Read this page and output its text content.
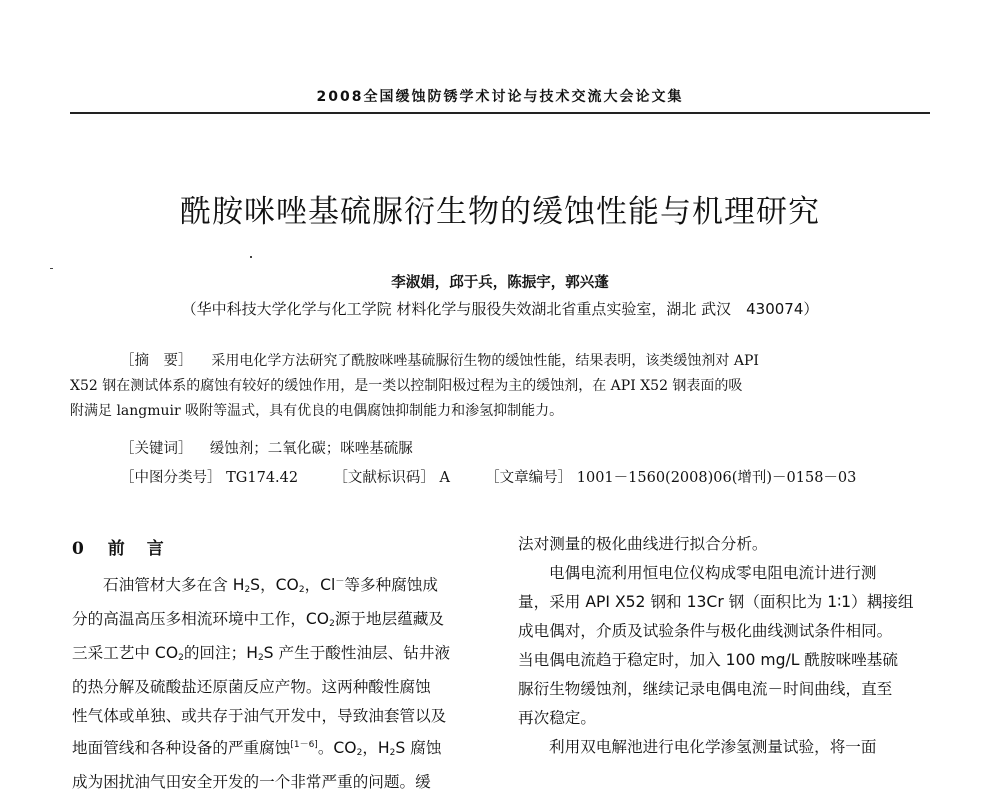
2008全国缓蚀防锈学术讨论与技术交流大会论文集
酰胺咪唑基硫脲衍生物的缓蚀性能与机理研究
李淑娟，邱于兵，陈振宇，郭兴蓬
（华中科技大学化学与化工学院 材料化学与服役失效湖北省重点实验室，湖北 武汉　430074）
［摘　要］ 采用电化学方法研究了酰胺咪唑基硫脲衍生物的缓蚀性能，结果表明，该类缓蚀剂对 API
X52 钢在测试体系的腐蚀有较好的缓蚀作用，是一类以控制阳极过程为主的缓蚀剂，在 API X52 钢表面的吸
附满足 langmuir 吸附等温式，具有优良的电偶腐蚀抑制能力和渗氢抑制能力。
［关键词］ 缓蚀剂；二氧化碳；咪唑基硫脲
［中图分类号］ TG174.42 ［文献标识码］ A ［文章编号］ 1001－1560(2008)06(增刊)－0158－03
0 前 言
石油管材大多在含 $H_2S$，$CO_2$，Cl－等多种腐蚀成
分的高温高压多相流环境中工作，$CO_2$源于地层蕴藏及
三采工艺中 $CO_2$的回注；$H_2S$ 产生于酸性油层、钻井液
的热分解及硫酸盐还原菌反应产物。这两种酸性腐蚀
性气体或单独、或共存于油气开发中，导致油套管以及
地面管线和各种设备的严重腐蚀[1－6]。$CO_2$，$H_2S$ 腐蚀
成为困扰油气田安全开发的一个非常严重的问题。缓
法对测量的极化曲线进行拟合分析。
电偶电流利用恒电位仪构成零电阻电流计进行测
量，采用 API X52 钢和 13Cr 钢（面积比为 1∶1）耦接组
成电偶对，介质及试验条件与极化曲线测试条件相同。
当电偶电流趋于稳定时，加入 100 mg/L 酰胺咪唑基硫
脲衍生物缓蚀剂，继续记录电偶电流－时间曲线，直至
再次稳定。
利用双电解池进行电化学渗氢测量试验，将一面
